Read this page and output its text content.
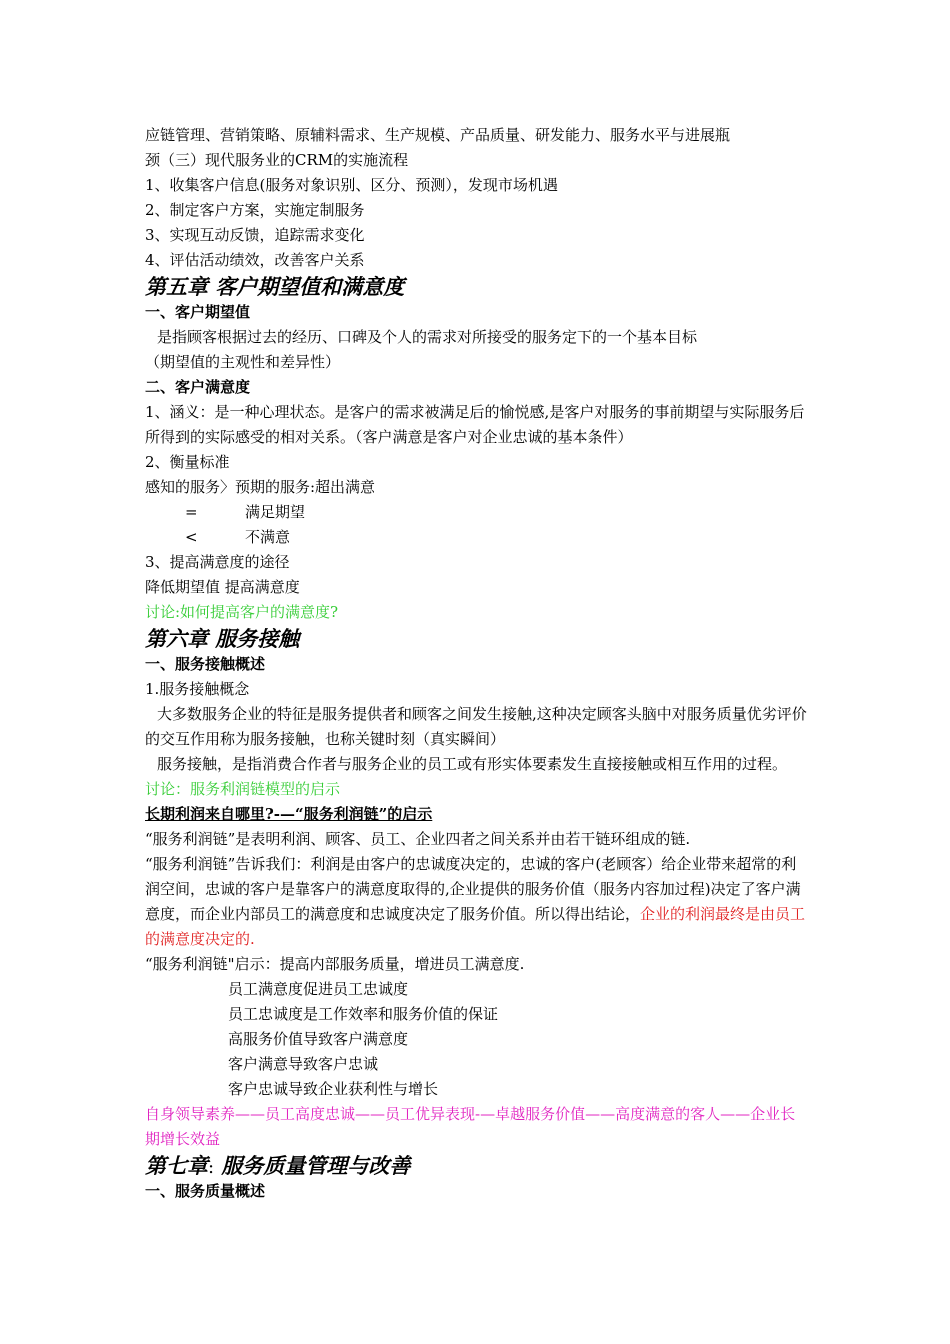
应链管理、营销策略、原辅料需求、生产规模、产品质量、研发能力、服务水平与进展瓶
颈（三）现代服务业的CRM的实施流程
1、收集客户信息(服务对象识别、区分、预测），发现市场机遇
2、制定客户方案，实施定制服务
3、实现互动反馈，追踪需求变化
4、评估活动绩效，改善客户关系
第五章 客户期望值和满意度
一、客户期望值
是指顾客根据过去的经历、口碑及个人的需求对所接受的服务定下的一个基本目标
（期望值的主观性和差异性）
二、客户满意度
1、涵义：是一种心理状态。是客户的需求被满足后的愉悦感,是客户对服务的事前期望与实际服务后所得到的实际感受的相对关系。（客户满意是客户对企业忠诚的基本条件）
2、衡量标准
感知的服务〉预期的服务:超出满意
=	满足期望
<	不满意
3、提高满意度的途径
降低期望值 提高满意度
讨论:如何提高客户的满意度?
第六章 服务接触
一、服务接触概述
1.服务接触概念
大多数服务企业的特征是服务提供者和顾客之间发生接触,这种决定顾客头脑中对服务质量优劣评价的交互作用称为服务接触，也称关键时刻（真实瞬间）
服务接触，是指消费合作者与服务企业的员工或有形实体要素发生直接接触或相互作用的过程。
讨论：服务利润链模型的启示
长期利润来自哪里?-—“服务利润链”的启示
“服务利润链”是表明利润、顾客、员工、企业四者之间关系并由若干链环组成的链.
“服务利润链”告诉我们：利润是由客户的忠诚度决定的，忠诚的客户(老顾客）给企业带来超常的利润空间，忠诚的客户是靠客户的满意度取得的,企业提供的服务价值（服务内容加过程)决定了客户满意度，而企业内部员工的满意度和忠诚度决定了服务价值。所以得出结论，企业的利润最终是由员工的满意度决定的.
“服务利润链"启示：提高内部服务质量，增进员工满意度.
员工满意度促进员工忠诚度
员工忠诚度是工作效率和服务价值的保证
高服务价值导致客户满意度
客户满意导致客户忠诚
客户忠诚导致企业获利性与增长
自身领导素养——员工高度忠诚——员工优异表现-—卓越服务价值——高度满意的客人——企业长期增长效益
第七章: 服务质量管理与改善
一、服务质量概述
